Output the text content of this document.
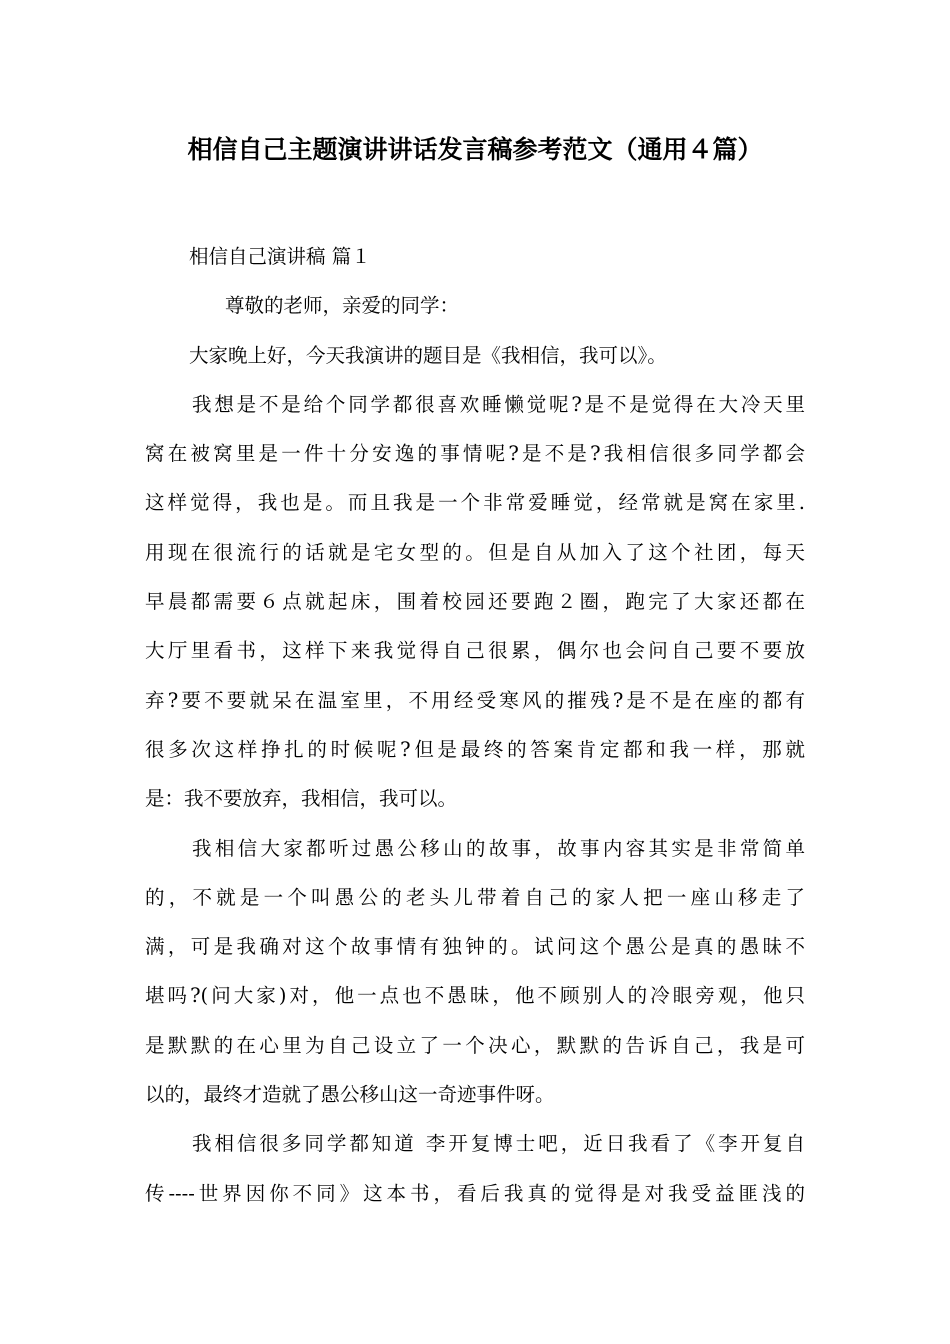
相信自己主题演讲讲话发言稿参考范文（通用４篇）
相信自己演讲稿 篇１
尊敬的老师，亲爱的同学：
大家晚上好，今天我演讲的题目是《我相信，我可以》。
我想是不是给个同学都很喜欢睡懒觉呢?是不是觉得在大冷天里
窝在被窝里是一件十分安逸的事情呢?是不是?我相信很多同学都会
这样觉得，我也是。而且我是一个非常爱睡觉，经常就是窝在家里.
用现在很流行的话就是宅女型的。但是自从加入了这个社团，每天
早晨都需要６点就起床，围着校园还要跑２圈，跑完了大家还都在
大厅里看书，这样下来我觉得自己很累，偶尔也会问自己要不要放
弃?要不要就呆在温室里，不用经受寒风的摧残?是不是在座的都有
很多次这样挣扎的时候呢?但是最终的答案肯定都和我一样，那就
是：我不要放弃，我相信，我可以。
我相信大家都听过愚公移山的故事，故事内容其实是非常简单
的，不就是一个叫愚公的老头儿带着自己的家人把一座山移走了
满，可是我确对这个故事情有独钟的。试问这个愚公是真的愚昧不
堪吗?(问大家)对，他一点也不愚昧，他不顾别人的冷眼旁观，他只
是默默的在心里为自己设立了一个决心，默默的告诉自己，我是可
以的，最终才造就了愚公移山这一奇迹事件呀。
我相信很多同学都知道 李开复博士吧，近日我看了《李开复自
传----世界因你不同》这本书，看后我真的觉得是对我受益匪浅的
